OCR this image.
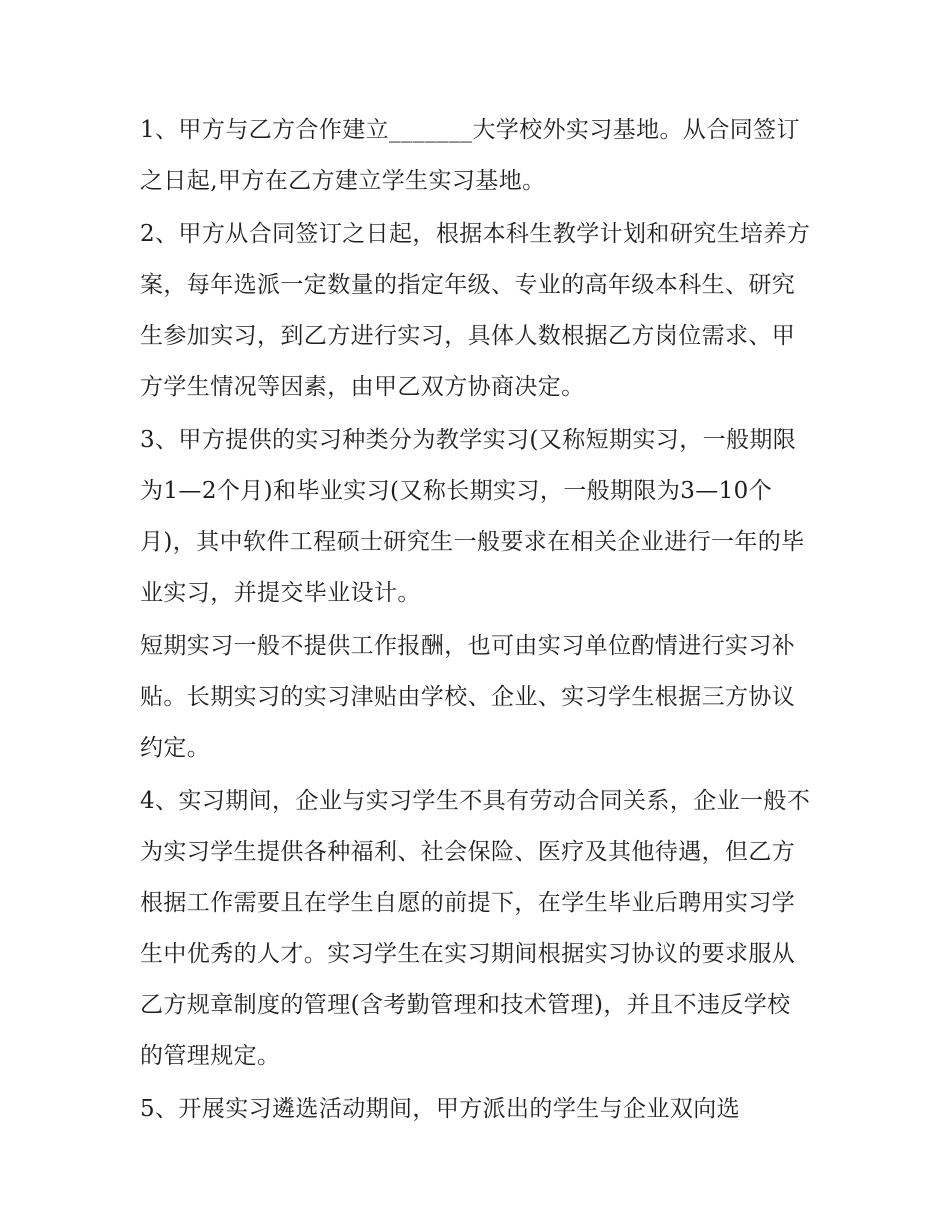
1、甲方与乙方合作建立_______大学校外实习基地。从合同签订之日起,甲方在乙方建立学生实习基地。

2、甲方从合同签订之日起，根据本科生教学计划和研究生培养方案，每年选派一定数量的指定年级、专业的高年级本科生、研究生参加实习，到乙方进行实习，具体人数根据乙方岗位需求、甲方学生情况等因素，由甲乙双方协商决定。

3、甲方提供的实习种类分为教学实习(又称短期实习，一般期限为1—2个月)和毕业实习(又称长期实习，一般期限为3—10个月)，其中软件工程硕士研究生一般要求在相关企业进行一年的毕业实习，并提交毕业设计。

短期实习一般不提供工作报酬，也可由实习单位酌情进行实习补贴。长期实习的实习津贴由学校、企业、实习学生根据三方协议约定。

4、实习期间，企业与实习学生不具有劳动合同关系，企业一般不为实习学生提供各种福利、社会保险、医疗及其他待遇，但乙方根据工作需要且在学生自愿的前提下，在学生毕业后聘用实习学生中优秀的人才。实习学生在实习期间根据实习协议的要求服从乙方规章制度的管理(含考勤管理和技术管理)，并且不违反学校的管理规定。

5、开展实习遴选活动期间，甲方派出的学生与企业双向选
